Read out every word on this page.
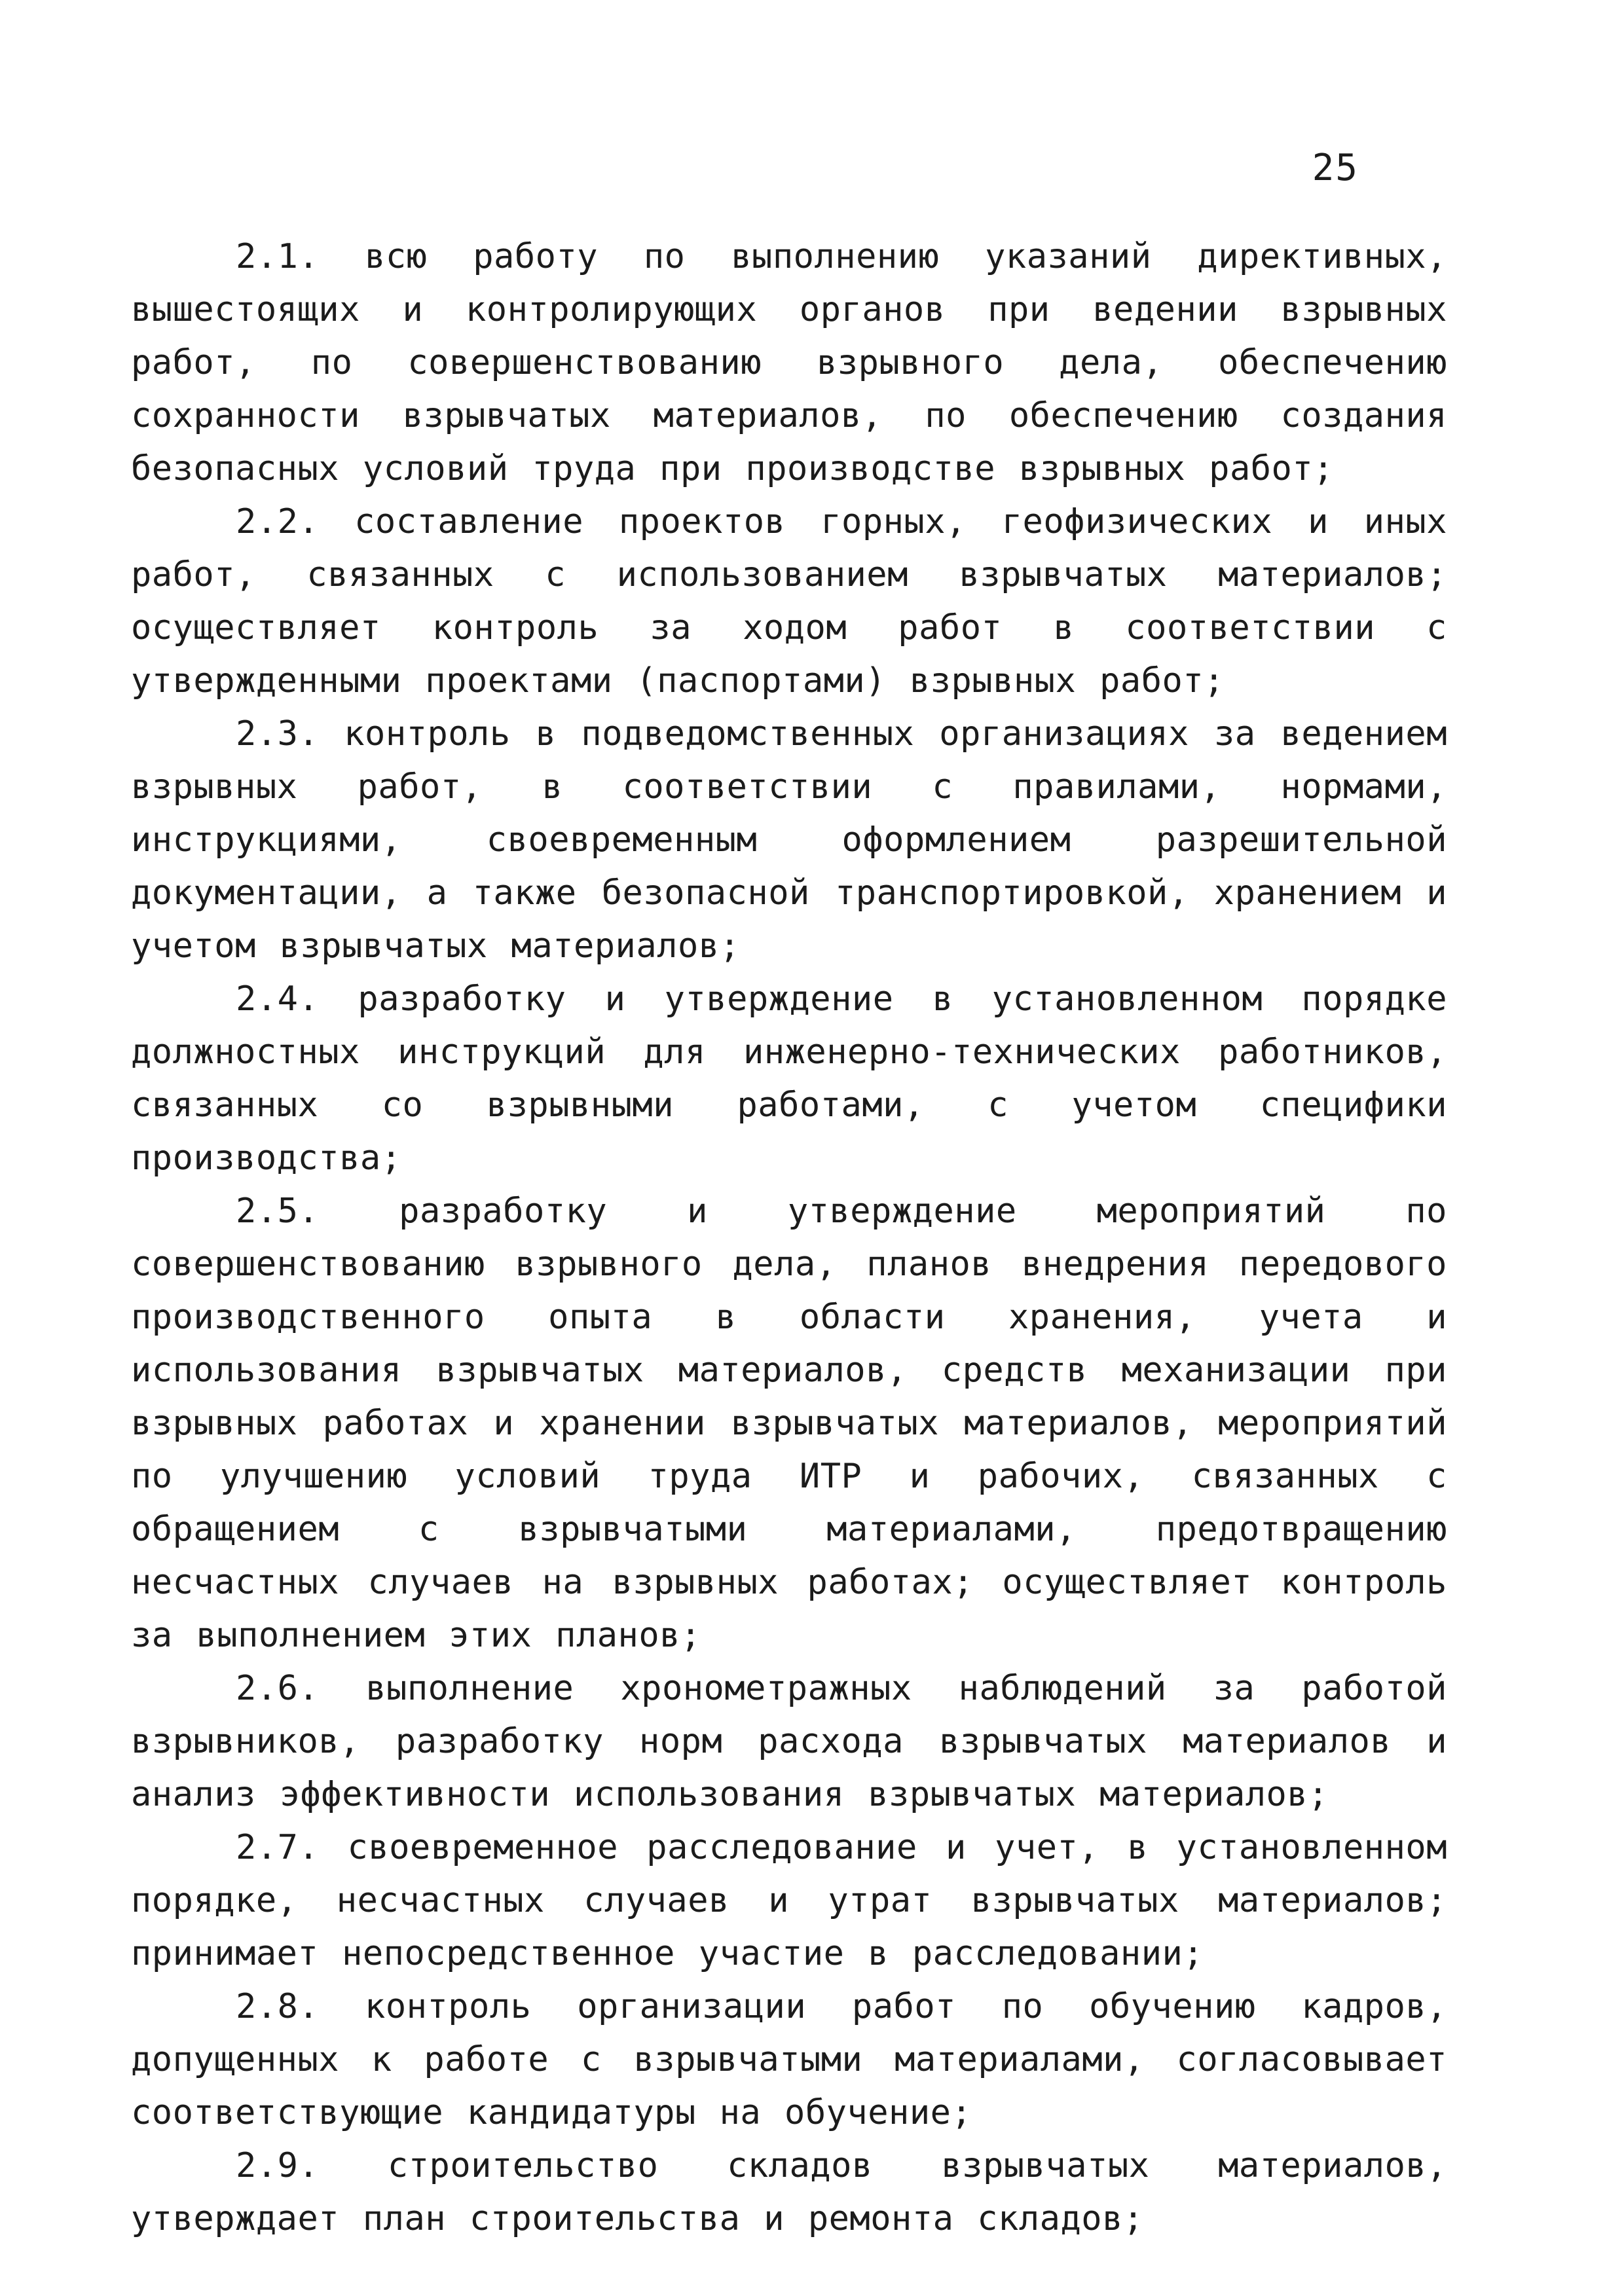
25

2.1. всю работу по выполнению указаний директивных, вышестоящих и контролирующих органов при ведении взрывных работ, по совершенствованию взрывного дела, обеспечению сохранности взрывчатых материалов, по обеспечению создания безопасных условий труда при производстве взрывных работ;

2.2. составление проектов горных, геофизических и иных работ, связанных с использованием взрывчатых материалов; осуществляет контроль за ходом работ в соответствии с утвержденными проектами (паспортами) взрывных работ;

2.3. контроль в подведомственных организациях за ведением взрывных работ, в соответствии с правилами, нормами, инструкциями, своевременным оформлением разрешительной документации, а также безопасной транспортировкой, хранением и учетом взрывчатых материалов;

2.4. разработку и утверждение в установленном порядке должностных инструкций для инженерно-технических работников, связанных со взрывными работами, с учетом специфики производства;

2.5. разработку и утверждение мероприятий по совершенствованию взрывного дела, планов внедрения передового производственного опыта в области хранения, учета и использования взрывчатых материалов, средств механизации при взрывных работах и хранении взрывчатых материалов, мероприятий по улучшению условий труда ИТР и рабочих, связанных с обращением с взрывчатыми материалами, предотвращению несчастных случаев на взрывных работах; осуществляет контроль за выполнением этих планов;

2.6. выполнение хронометражных наблюдений за работой взрывников, разработку норм расхода взрывчатых материалов и анализ эффективности использования взрывчатых материалов;

2.7. своевременное расследование и учет, в установленном порядке, несчастных случаев и утрат взрывчатых материалов; принимает непосредственное участие в расследовании;

2.8. контроль организации работ по обучению кадров, допущенных к работе с взрывчатыми материалами, согласовывает соответствующие кандидатуры на обучение;

2.9. строительство складов взрывчатых материалов, утверждает план строительства и ремонта складов;
